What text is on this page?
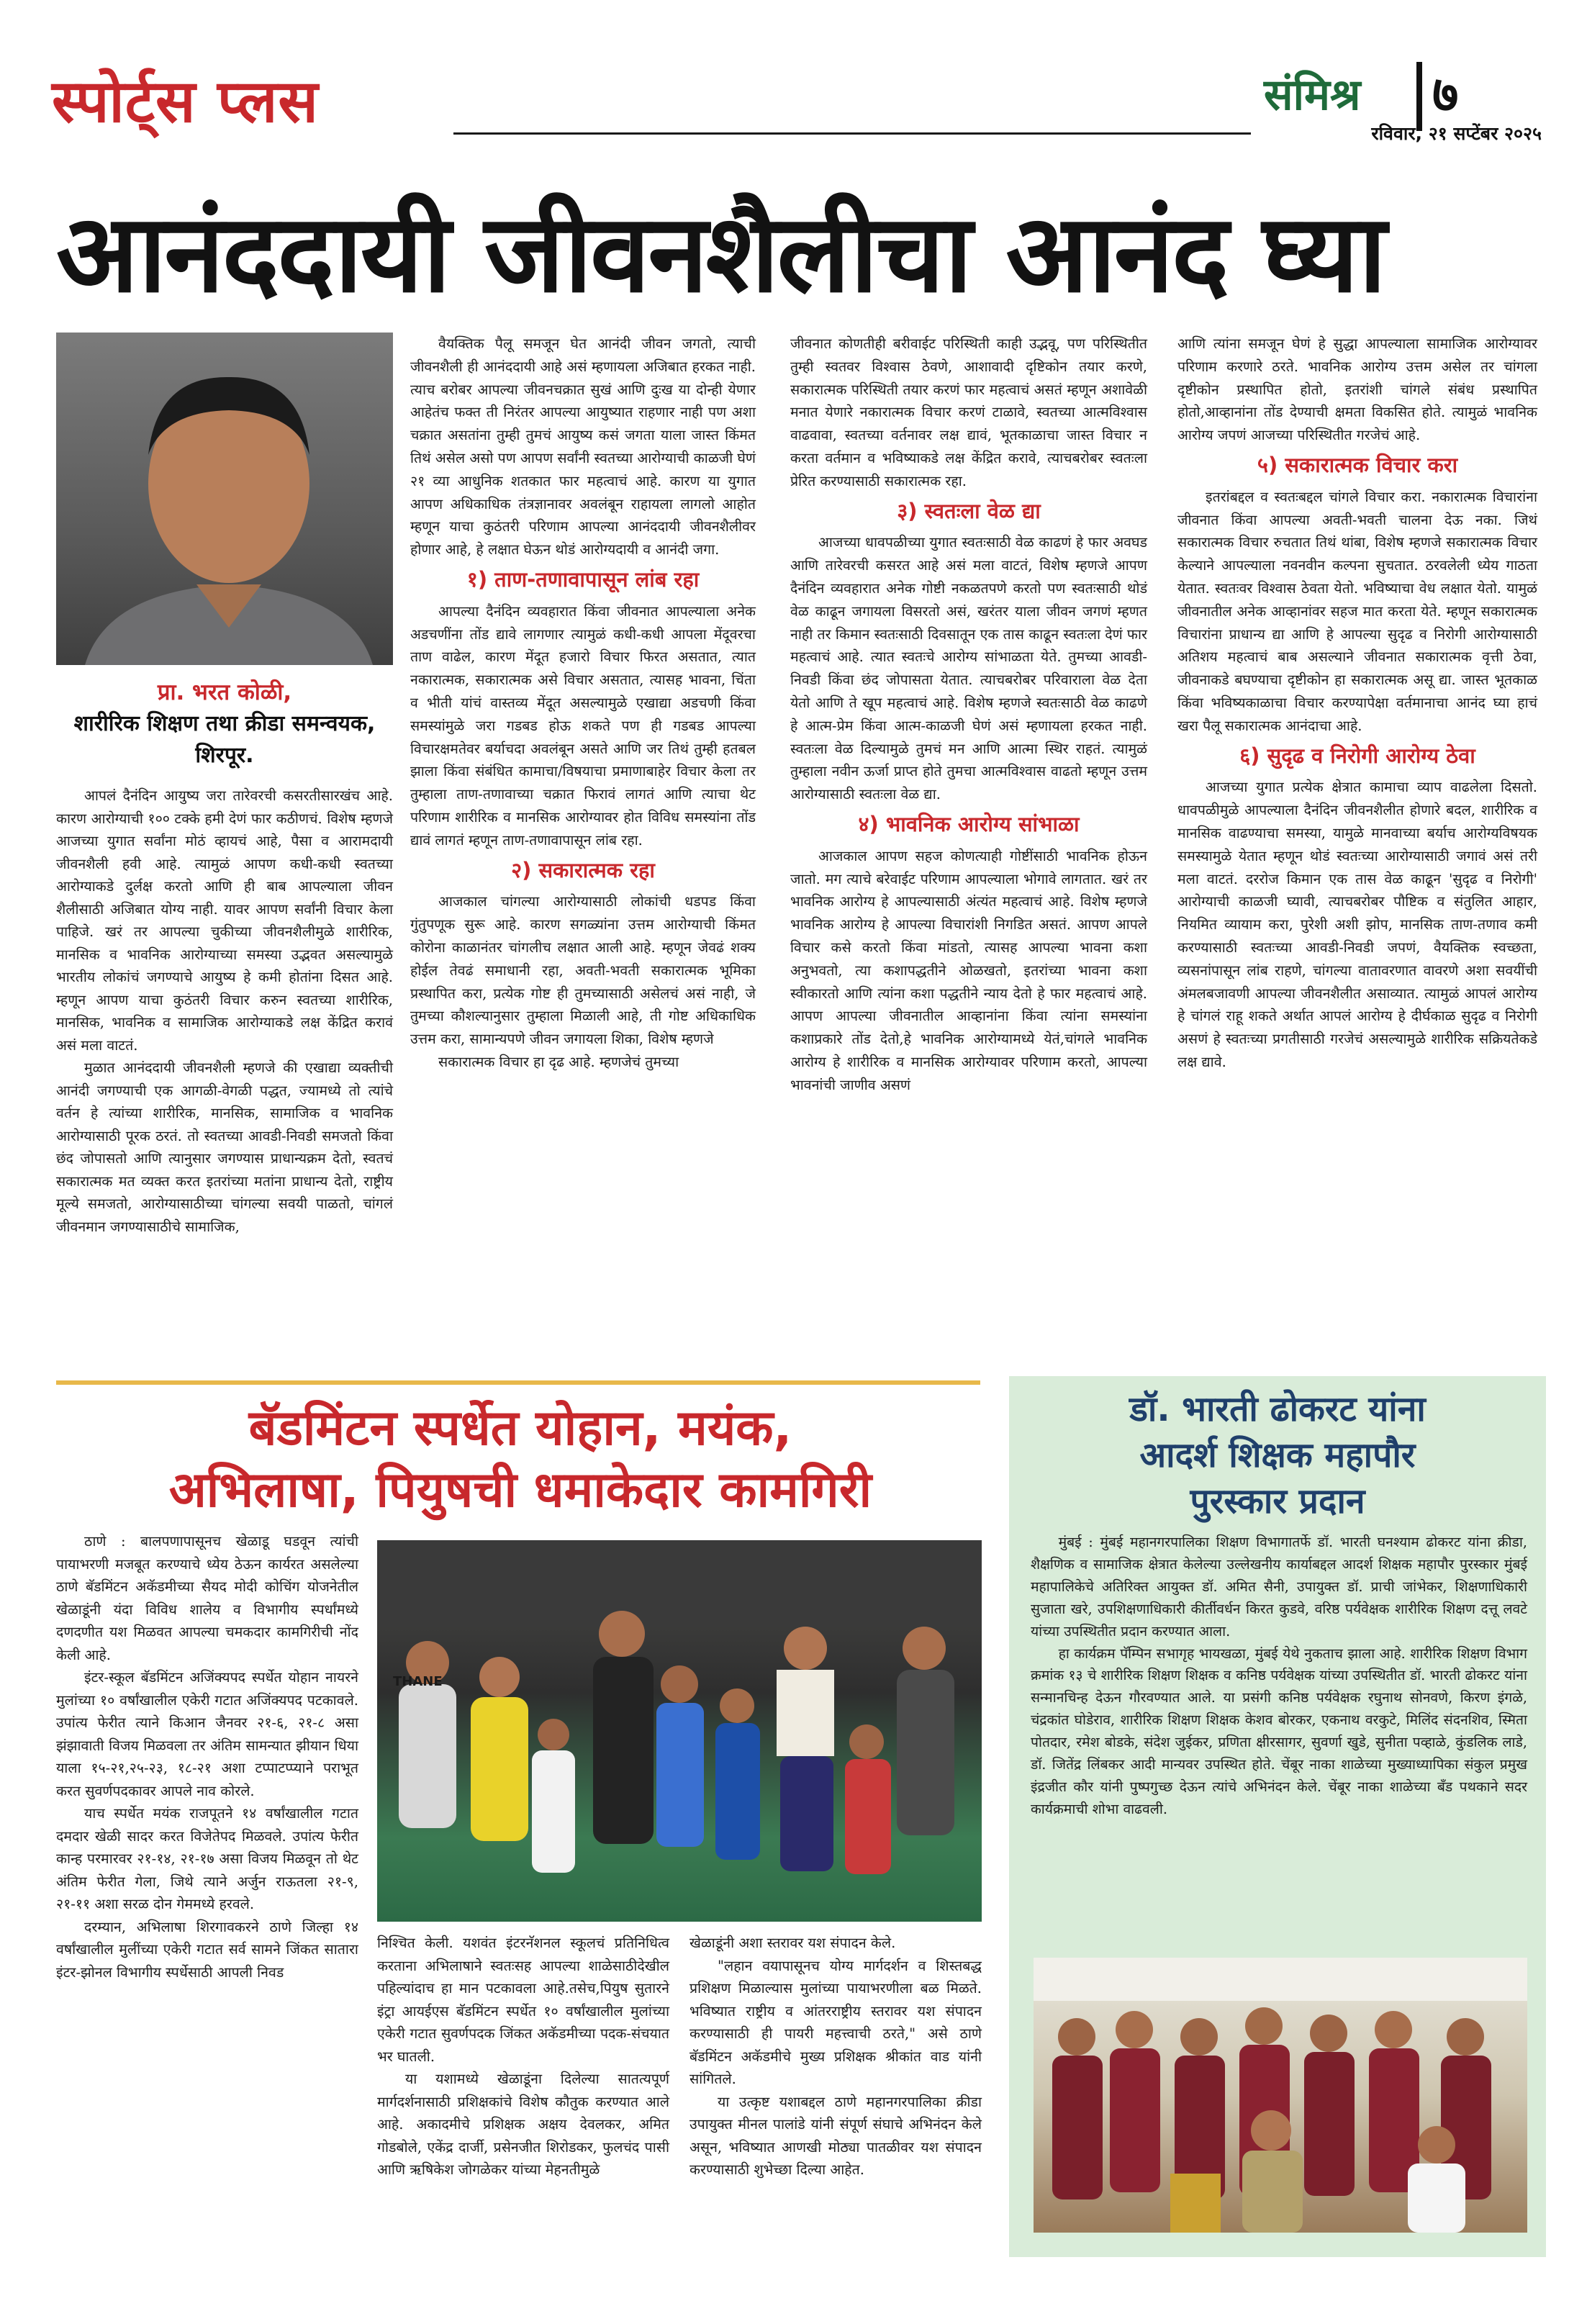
स्पोर्ट्स प्लस	संमिश्र ७
रविवार, २१ सप्टेंबर २०२५
आनंददायी जीवनशैलीचा आनंद घ्या
प्रा. भरत कोळी,
शारीरिक शिक्षण तथा क्रीडा समन्वयक,
शिरपूर.

आपलं दैनंदिन आयुष्य जरा तारेवरची कसरतीसारखंच आहे. कारण आरोग्याची १०० टक्के हमी देणं फार कठीणचं. विशेष म्हणजे आजच्या युगात सर्वांना मोठं व्हायचं आहे, पैसा व आरामदायी जीवनशैली हवी आहे. त्यामुळं आपण कधी-कधी स्वतच्या आरोग्याकडे दुर्लक्ष करतो आणि ही बाब आपल्याला जीवन शैलीसाठी अजिबात योग्य नाही. यावर आपण सर्वांनी विचार केला पाहिजे. खरं तर आपल्या चुकीच्या जीवनशैलीमुळे शारीरिक, मानसिक व भावनिक आरोग्याच्या समस्या उद्भवत असल्यामुळे भारतीय लोकांचं जगण्याचे आयुष्य हे कमी होतांना दिसत आहे. म्हणून आपण याचा कुठंतरी विचार करुन स्वतच्या शारीरिक, मानसिक, भावनिक व सामाजिक आरोग्याकडे लक्ष केंद्रित करावं असं मला वाटतं.

मुळात आनंददायी जीवनशैली म्हणजे की एखाद्या व्यक्तीची आनंदी जगण्याची एक आगळी-वेगळी पद्धत, ज्यामध्ये तो त्यांचे वर्तन हे त्यांच्या शारीरिक, मानसिक, सामाजिक व भावनिक आरोग्यासाठी पूरक ठरतं. तो स्वतच्या आवडी-निवडी समजतो किंवा छंद जोपासतो आणि त्यानुसार जगण्यास प्राधान्यक्रम देतो, स्वतचं सकारात्मक मत व्यक्त करत इतरांच्या मतांना प्राधान्य देतो, राष्ट्रीय मूल्ये समजतो, आरोग्यासाठीच्या चांगल्या सवयी पाळतो, चांगलं जीवनमान जगण्यासाठीचे सामाजिक,

वैयक्तिक पैलू समजून घेत आनंदी जीवन जगतो, त्याची जीवनशैली ही आनंददायी आहे असं म्हणायला अजिबात हरकत नाही. त्याच बरोबर आपल्या जीवनचक्रात सुखं आणि दुःख या दोन्ही येणार आहेतंच फक्त ती निरंतर आपल्या आयुष्यात राहणार नाही पण अशा चक्रात असतांना तुम्ही तुमचं आयुष्य कसं जगता याला जास्त किंमत तिथं असेल असो पण आपण सर्वांनी स्वतच्या आरोग्याची काळजी घेणं २१ व्या आधुनिक शतकात फार महत्वाचं आहे. कारण या युगात आपण अधिकाधिक तंत्रज्ञानावर अवलंबून राहायला लागलो आहोत म्हणून याचा कुठंतरी परिणाम आपल्या आनंददायी जीवनशैलीवर होणार आहे, हे लक्षात घेऊन थोडं आरोग्यदायी व आनंदी जगा.

१) ताण-तणावापासून लांब रहा

आपल्या दैनंदिन व्यवहारात किंवा जीवनात आपल्याला अनेक अडचणींना तोंड द्यावे लागणार त्यामुळं कधी-कधी आपला मेंदूवरचा ताण वाढेल, कारण मेंदूत हजारो विचार फिरत असतात, त्यात नकारात्मक, सकारात्मक असे विचार असतात, त्यासह भावना, चिंता व भीती यांचं वास्तव्य मेंदूत असल्यामुळे एखाद्या अडचणी किंवा समस्यांमुळे जरा गडबड होऊ शकते पण ही गडबड आपल्या विचारक्षमतेवर बर्याचदा अवलंबून असते आणि जर तिथं तुम्ही हतबल झाला किंवा संबंधित कामाचा/विषयाचा प्रमाणाबाहेर विचार केला तर तुम्हाला ताण-तणावाच्या चक्रात फिरावं लागतं आणि त्याचा थेट परिणाम शारीरिक व मानसिक आरोग्यावर होत विविध समस्यांना तोंड द्यावं लागतं म्हणून ताण-तणावापासून लांब रहा.

२) सकारात्मक रहा

आजकाल चांगल्या आरोग्यासाठी लोकांची धडपड किंवा गुंतुपणूक सुरू आहे. कारण सगळ्यांना उत्तम आरोग्याची किंमत कोरोना काळानंतर चांगलीच लक्षात आली आहे. म्हणून जेवढं शक्य होईल तेवढं समाधानी रहा, अवती-भवती सकारात्मक भूमिका प्रस्थापित करा, प्रत्येक गोष्ट ही तुमच्यासाठी असेलचं असं नाही, जे तुमच्या कौशल्यानुसार तुम्हाला मिळाली आहे, ती गोष्ट अधिकाधिक उत्तम करा, सामान्यपणे जीवन जगायला शिका, विशेष म्हणजे

सकारात्मक विचार हा दृढ आहे. म्हणजेचं तुमच्या

जीवनात कोणतीही बरीवाईट परिस्थिती काही उद्भवू, पण परिस्थितीत तुम्ही स्वतवर विश्वास ठेवणे, आशावादी दृष्टिकोन तयार करणे, सकारात्मक परिस्थिती तयार करणं फार महत्वाचं असतं म्हणून अशावेळी मनात येणारे नकारात्मक विचार करणं टाळावे, स्वतच्या आत्मविश्वास वाढवावा, स्वतच्या वर्तनावर लक्ष द्यावं, भूतकाळाचा जास्त विचार न करता वर्तमान व भविष्याकडे लक्ष केंद्रित करावे, त्याचबरोबर स्वतःला प्रेरित करण्यासाठी सकारात्मक रहा.

३) स्वतःला वेळ द्या

आजच्या धावपळीच्या युगात स्वतःसाठी वेळ काढणं हे फार अवघड आणि तारेवरची कसरत आहे असं मला वाटतं, विशेष म्हणजे आपण दैनंदिन व्यवहारात अनेक गोष्टी नकळतपणे करतो पण स्वतःसाठी थोडं वेळ काढून जगायला विसरतो असं, खरंतर याला जीवन जगणं म्हणत नाही तर किमान स्वतःसाठी दिवसातून एक तास काढून स्वतःला देणं फार महत्वाचं आहे. त्यात स्वतःचे आरोग्य सांभाळता येते. तुमच्या आवडी-निवडी किंवा छंद जोपासता येतात. त्याचबरोबर परिवाराला वेळ देता येतो आणि ते खूप महत्वाचं आहे. विशेष म्हणजे स्वतःसाठी वेळ काढणे हे आत्म-प्रेम किंवा आत्म-काळजी घेणं असं म्हणायला हरकत नाही. स्वतःला वेळ दिल्यामुळे तुमचं मन आणि आत्मा स्थिर राहतं. त्यामुळं तुम्हाला नवीन ऊर्जा प्राप्त होते तुमचा आत्मविश्वास वाढतो म्हणून उत्तम आरोग्यासाठी स्वतःला वेळ द्या.

४) भावनिक आरोग्य सांभाळा

आजकाल आपण सहज कोणत्याही गोष्टींसाठी भावनिक होऊन जातो. मग त्याचे बरेवाईट परिणाम आपल्याला भोगावे लागतात. खरं तर भावनिक आरोग्य हे आपल्यासाठी अंत्यंत महत्वाचं आहे. विशेष म्हणजे भावनिक आरोग्य हे आपल्या विचारांशी निगडित असतं. आपण आपले विचार कसे करतो किंवा मांडतो, त्यासह आपल्या भावना कशा अनुभवतो, त्या कशापद्धतीने ओळखतो, इतरांच्या भावना कशा स्वीकारतो आणि त्यांना कशा पद्धतीने न्याय देतो हे फार महत्वाचं आहे. आपण आपल्या जीवनातील आव्हानांना किंवा त्यांना समस्यांना कशाप्रकारे तोंड देतो,हे भावनिक आरोग्यामध्ये येतं,चांगले भावनिक आरोग्य हे शारीरिक व मानसिक आरोग्यावर परिणाम करतो, आपल्या भावनांची जाणीव असणं

आणि त्यांना समजून घेणं हे सुद्धा आपल्याला सामाजिक आरोग्यावर परिणाम करणारे ठरते. भावनिक आरोग्य उत्तम असेल तर चांगला दृष्टीकोन प्रस्थापित होतो, इतरांशी चांगले संबंध प्रस्थापित होतो,आव्हानांना तोंड देण्याची क्षमता विकसित होते. त्यामुळं भावनिक आरोग्य जपणं आजच्या परिस्थितीत गरजेचं आहे.

५) सकारात्मक विचार करा

इतरांबद्दल व स्वतःबद्दल चांगले विचार करा. नकारात्मक विचारांना जीवनात किंवा आपल्या अवती-भवती चालना देऊ नका. जिथं सकारात्मक विचार रुचतात तिथं थांबा, विशेष म्हणजे सकारात्मक विचार केल्याने आपल्याला नवनवीन कल्पना सुचतात. ठरवलेली ध्येय गाठता येतात. स्वतःवर विश्वास ठेवता येतो. भविष्याचा वेध लक्षात येतो. यामुळं जीवनातील अनेक आव्हानांवर सहज मात करता येते. म्हणून सकारात्मक विचारांना प्राधान्य द्या आणि हे आपल्या सुदृढ व निरोगी आरोग्यासाठी अतिशय महत्वाचं बाब असल्याने जीवनात सकारात्मक वृत्ती ठेवा, जीवनाकडे बघण्याचा दृष्टीकोन हा सकारात्मक असू द्या. जास्त भूतकाळ किंवा भविष्यकाळाचा विचार करण्यापेक्षा वर्तमानाचा आनंद घ्या हाचं खरा पैलू सकारात्मक आनंदाचा आहे.

६) सुदृढ व निरोगी आरोग्य ठेवा

आजच्या युगात प्रत्येक क्षेत्रात कामाचा व्याप वाढलेला दिसतो. धावपळीमुळे आपल्याला दैनंदिन जीवनशैलीत होणारे बदल, शारीरिक व मानसिक वाढण्याचा समस्या, यामुळे मानवाच्या बर्याच आरोग्यविषयक समस्यामुळे येतात म्हणून थोडं स्वतःच्या आरोग्यासाठी जगावं असं तरी मला वाटतं. दररोज किमान एक तास वेळ काढून 'सुदृढ व निरोगी' आरोग्याची काळजी घ्यावी, त्याचबरोबर पौष्टिक व संतुलित आहार, नियमित व्यायाम करा, पुरेशी अशी झोप, मानसिक ताण-तणाव कमी करण्यासाठी स्वतःच्या आवडी-निवडी जपणं, वैयक्तिक स्वच्छता, व्यसनांपासून लांब राहणे, चांगल्या वातावरणात वावरणे अशा सवयींची अंमलबजावणी आपल्या जीवनशैलीत असाव्यात. त्यामुळं आपलं आरोग्य हे चांगलं राहू शकते अर्थात आपलं आरोग्य हे दीर्घकाळ सुदृढ व निरोगी असणं हे स्वतःच्या प्रगतीसाठी गरजेचं असल्यामुळे शारीरिक सक्रियतेकडे लक्ष द्यावे.

बॅडमिंटन स्पर्धेत योहान, मयंक,
अभिलाषा, पियुषची धमाकेदार कामगिरी

ठाणे : बालपणापासूनच खेळाडू घडवून त्यांची पायाभरणी मजबूत करण्याचे ध्येय ठेऊन कार्यरत असलेल्या ठाणे बॅडमिंटन अकॅडमीच्या सैयद मोदी कोचिंग योजनेतील खेळाडूंनी यंदा विविध शालेय व विभागीय स्पर्धांमध्ये दणदणीत यश मिळवत आपल्या चमकदार कामगिरीची नोंद केली आहे.

इंटर-स्कूल बॅडमिंटन अजिंक्यपद स्पर्धेत योहान नायरने मुलांच्या १० वर्षांखालील एकेरी गटात अजिंक्यपद पटकावले. उपांत्य फेरीत त्याने किआन जैनवर २१-६, २१-८ असा झंझावाती विजय मिळवला तर अंतिम सामन्यात झीयान धिया याला १५-२१,२५-२३, १८-२१ अशा टप्पाटप्प्याने पराभूत करत सुवर्णपदकावर आपले नाव कोरले.

याच स्पर्धेत मयंक राजपूतने १४ वर्षांखालील गटात दमदार खेळी सादर करत विजेतेपद मिळवले. उपांत्य फेरीत कान्ह परमारवर २१-१४, २१-१७ असा विजय मिळवून तो थेट अंतिम फेरीत गेला, जिथे त्याने अर्जुन राऊतला २१-९, २१-११ अशा सरळ दोन गेममध्ये हरवले.

दरम्यान, अभिलाषा शिरगावकरने ठाणे जिल्हा १४ वर्षांखालील मुलींच्या एकेरी गटात सर्व सामने जिंकत सातारा इंटर-झोनल विभागीय स्पर्धेसाठी आपली निवड

THANE

निश्चित केली. यशवंत इंटरनॅशनल स्कूलचं प्रतिनिधित्व करताना अभिलाषाने स्वतःसह आपल्या शाळेसाठीदेखील पहिल्यांदाच हा मान पटकावला आहे.तसेच,पियुष सुतारने इंट्रा आयईएस बॅडमिंटन स्पर्धेत १० वर्षांखालील मुलांच्या एकेरी गटात सुवर्णपदक जिंकत अकॅडमीच्या पदक-संचयात भर घातली.

या यशामध्ये खेळाडूंना दिलेल्या सातत्यपूर्ण मार्गदर्शनासाठी प्रशिक्षकांचे विशेष कौतुक करण्यात आले आहे. अकादमीचे प्रशिक्षक अक्षय देवलकर, अमित गोडबोले, एकेंद्र दार्जी, प्रसेनजीत शिरोडकर, फुलचंद पासी आणि ऋषिकेश जोगळेकर यांच्या मेहनतीमुळे

खेळाडूंनी अशा स्तरावर यश संपादन केले.

"लहान वयापासूनच योग्य मार्गदर्शन व शिस्तबद्ध प्रशिक्षण मिळाल्यास मुलांच्या पायाभरणीला बळ मिळते. भविष्यात राष्ट्रीय व आंतरराष्ट्रीय स्तरावर यश संपादन करण्यासाठी ही पायरी महत्त्वाची ठरते," असे ठाणे बॅडमिंटन अकॅडमीचे मुख्य प्रशिक्षक श्रीकांत वाड यांनी सांगितले.

या उत्कृष्ट यशाबद्दल ठाणे महानगरपालिका क्रीडा उपायुक्त मीनल पालांडे यांनी संपूर्ण संघाचे अभिनंदन केले असून, भविष्यात आणखी मोठ्या पातळीवर यश संपादन करण्यासाठी शुभेच्छा दिल्या आहेत.

डॉ. भारती ढोकरट यांना
आदर्श शिक्षक महापौर
पुरस्कार प्रदान

मुंबई : मुंबई महानगरपालिका शिक्षण विभागातर्फे डॉ. भारती घनश्याम ढोकरट यांना क्रीडा, शैक्षणिक व सामाजिक क्षेत्रात केलेल्या उल्लेखनीय कार्याबद्दल आदर्श शिक्षक महापौर पुरस्कार मुंबई महापालिकेचे अतिरिक्त आयुक्त डॉ. अमित सैनी, उपायुक्त डॉ. प्राची जांभेकर, शिक्षणाधिकारी सुजाता खरे, उपशिक्षणाधिकारी कीर्तीवर्धन किरत कुडवे, वरिष्ठ पर्यवेक्षक शारीरिक शिक्षण दत्तू लवटे यांच्या उपस्थितीत प्रदान करण्यात आला.

हा कार्यक्रम पॅम्पिन सभागृह भायखळा, मुंबई येथे नुकताच झाला आहे. शारीरिक शिक्षण विभाग क्रमांक १३ चे शारीरिक शिक्षण शिक्षक व कनिष्ठ पर्यवेक्षक यांच्या उपस्थितीत डॉ. भारती ढोकरट यांना सन्मानचिन्ह देऊन गौरवण्यात आले. या प्रसंगी कनिष्ठ पर्यवेक्षक रघुनाथ सोनवणे, किरण इंगळे, चंद्रकांत घोडेराव, शारीरिक शिक्षण शिक्षक केशव बोरकर, एकनाथ वरकुटे, मिलिंद संदनशिव, स्मिता पोतदार, रमेश बोडके, संदेश जुईकर, प्रणिता क्षीरसागर, सुवर्णा खुडे, सुनीता पव्हाळे, कुंडलिक लाडे, डॉ. जितेंद्र लिंबकर आदी मान्यवर उपस्थित होते. चेंबूर नाका शाळेच्या मुख्याध्यापिका संकुल प्रमुख इंद्रजीत कौर यांनी पुष्पगुच्छ देऊन त्यांचे अभिनंदन केले. चेंबूर नाका शाळेच्या बँड पथकाने सदर कार्यक्रमाची शोभा वाढवली.
